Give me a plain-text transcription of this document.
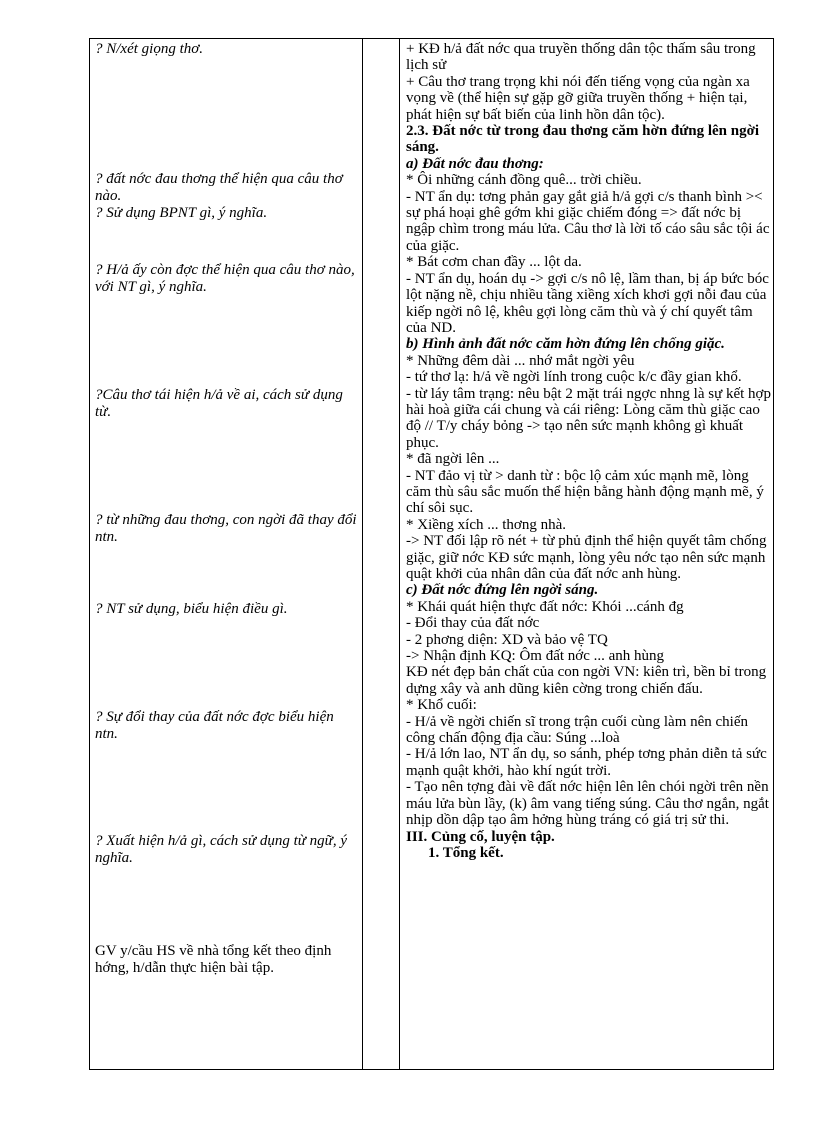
? N/xét giọng thơ.
? đất nớc đau thơng thể hiện qua câu thơ nào.
? Sử dụng BPNT gì, ý nghĩa.
? H/ả ấy còn đợc thể hiện qua câu thơ nào, với NT gì, ý nghĩa.
?Câu thơ tái hiện h/ả về ai, cách sử dụng từ.
? từ những đau thơng, con ngời đã thay đổi ntn.
? NT sử dụng, biểu hiện điều gì.
? Sự đổi thay của đất nớc đợc biểu hiện ntn.
? Xuất hiện h/ả gì, cách sử dụng từ ngữ, ý nghĩa.
GV y/cầu HS về nhà tổng kết theo định hớng, h/dẫn thực hiện bài tập.

+ KĐ h/ả đất nớc qua truyền thống dân tộc thấm sâu trong lịch sử

+ Câu thơ trang trọng khi nói đến tiếng vọng của ngàn xa vọng về (thể hiện sự gặp gỡ giữa truyền thống + hiện tại, phát hiện sự bất biến của linh hồn dân tộc).

2.3. Đất nớc từ trong đau thơng căm hờn đứng lên ngời sáng.

a) Đất nớc đau thơng:

* Ôi những cánh đồng quê... trời chiều.

- NT ẩn dụ: tơng phản gay gắt giả h/ả gợi c/s thanh bình >< sự phá hoại ghê gớm khi giặc chiếm đóng => đất nớc bị ngập chìm trong máu lửa. Câu thơ là lời tố cáo sâu sắc tội ác của giặc.

* Bát cơm chan đầy ... lột da.

- NT ẩn dụ, hoán dụ -> gợi c/s nô lệ, lầm than, bị áp bức bóc lột nặng nề, chịu nhiều tầng xiềng xích khơi gợi nỗi đau của kiếp ngời nô lệ, khêu gợi lòng căm thù và ý chí quyết tâm của ND.

b) Hình ảnh đất nớc căm hờn đứng lên chống giặc.

* Những đêm dài ... nhớ mắt ngời yêu

- tứ thơ lạ: h/ả về ngời lính trong cuộc k/c đầy gian khổ.

- từ láy tâm trạng: nêu bật 2 mặt trái ngợc nhng là sự kết hợp hài hoà giữa cái chung và cái riêng: Lòng căm thù giặc cao độ // T/y cháy bỏng -> tạo nên sức mạnh không gì khuất phục.

* đã ngời lên ...

- NT đảo vị từ > danh từ : bộc lộ cảm xúc mạnh mẽ, lòng căm thù sâu sắc muốn thể hiện bằng hành động mạnh mẽ, ý chí sôi sục.

* Xiềng xích ... thơng nhà.

-> NT đối lập rõ nét + từ phủ định thể hiện quyết tâm chống giặc, giữ nớc KĐ sức mạnh, lòng yêu nớc tạo nên sức mạnh quật khởi của nhân dân của đất nớc anh hùng.

c) Đất nớc đứng lên ngời sáng.

* Khái quát hiện thực đất nớc: Khói ...cánh đg

- Đổi thay của đất nớc

- 2 phơng diện: XD và bảo vệ TQ

-> Nhận định KQ: Ôm đất nớc ... anh hùng

KĐ nét đẹp bản chất của con ngời VN: kiên trì, bền bỉ trong dựng xây và anh dũng kiên cờng trong chiến đấu.

* Khổ cuối:

- H/ả về ngời chiến sĩ trong trận cuối cùng làm nên chiến công chấn động địa cầu: Súng ...loà

- H/ả lớn lao, NT ẩn dụ, so sánh, phép tơng phản diễn tả sức mạnh quật khởi, hào khí ngút trời.

- Tạo nên tợng đài về đất nớc hiện lên lên chói ngời trên nền máu lửa bùn lầy, (k) âm vang tiếng súng. Câu thơ ngắn, ngắt nhịp dồn dập tạo âm hởng hùng tráng có giá trị sử thi.

III. Củng cố, luyện tập.

1. Tổng kết.
